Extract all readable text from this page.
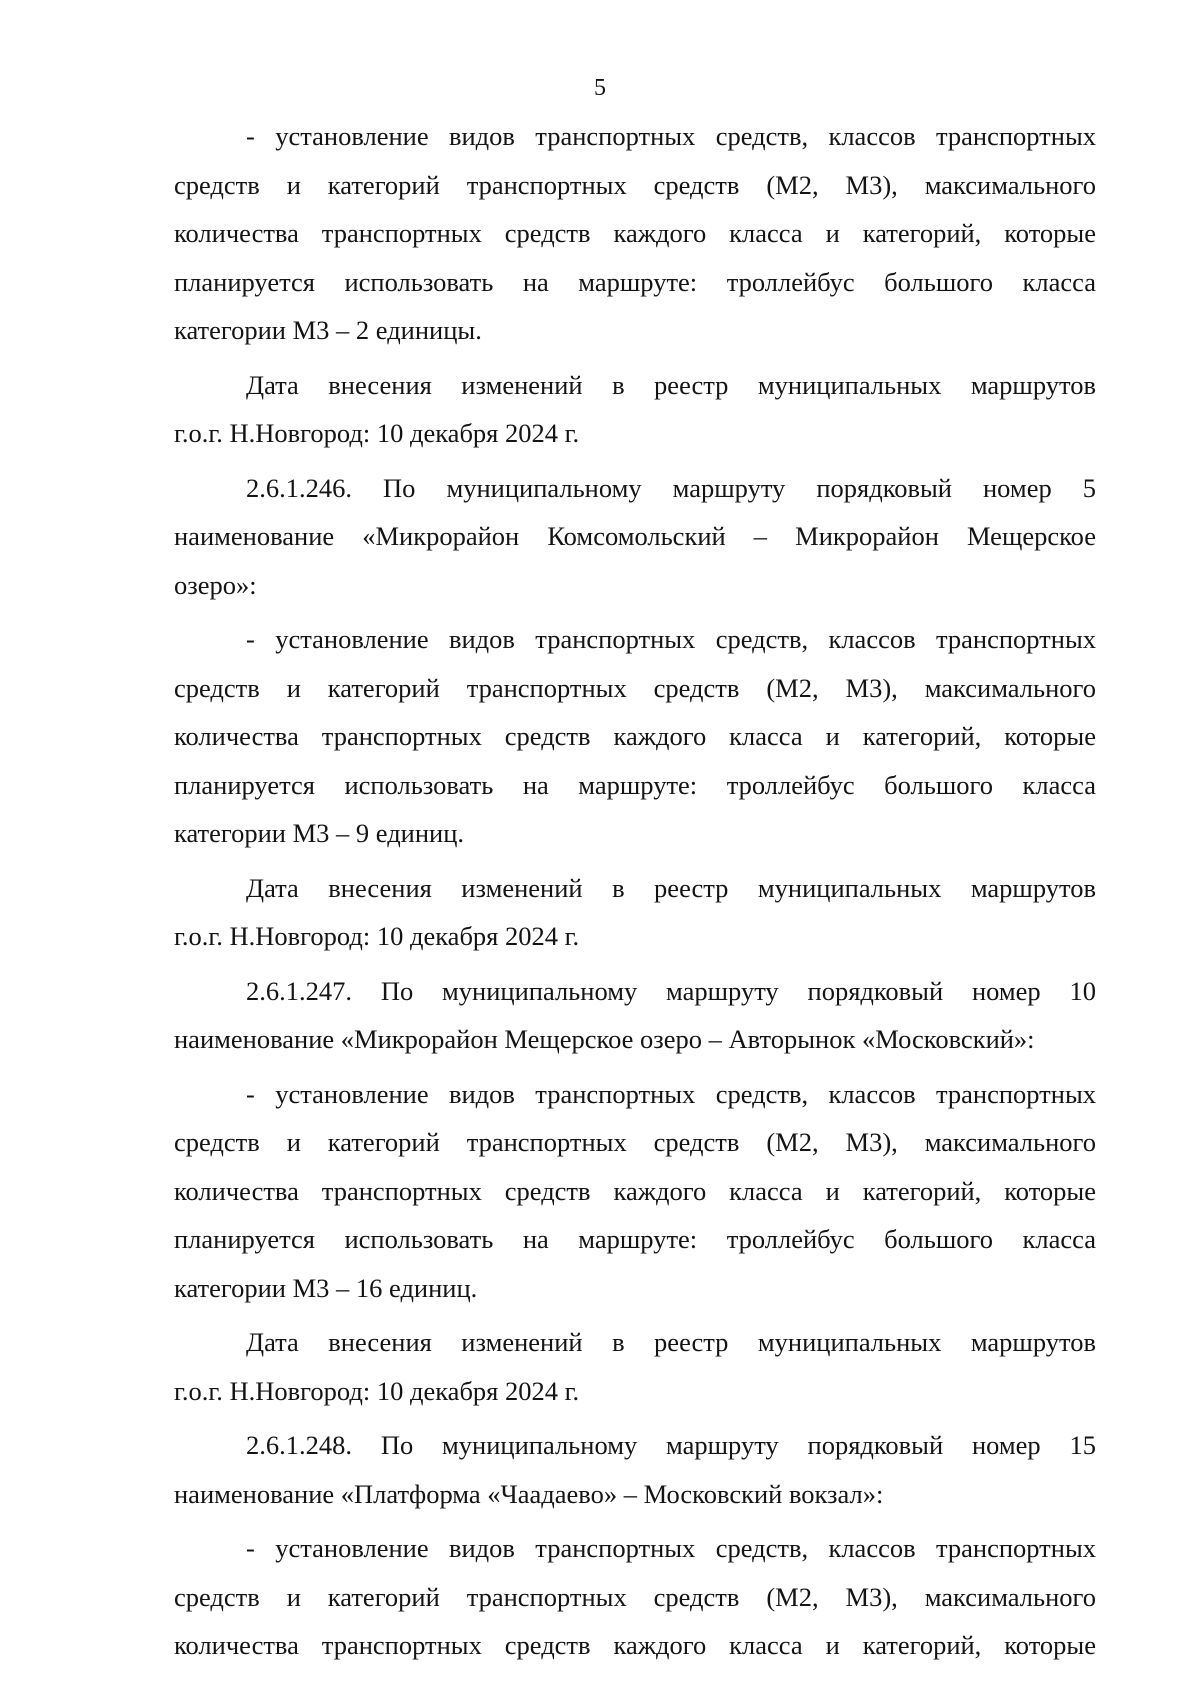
5
- установление видов транспортных средств, классов транспортных
средств и категорий транспортных средств (М2, М3), максимального
количества транспортных средств каждого класса и категорий, которые
планируется использовать на маршруте: троллейбус большого класса
категории М3 – 2 единицы.
Дата внесения изменений в реестр муниципальных маршрутов
г.о.г. Н.Новгород: 10 декабря 2024 г.
2.6.1.246. По муниципальному маршруту порядковый номер 5
наименование «Микрорайон Комсомольский – Микрорайон Мещерское
озеро»:
- установление видов транспортных средств, классов транспортных
средств и категорий транспортных средств (М2, М3), максимального
количества транспортных средств каждого класса и категорий, которые
планируется использовать на маршруте: троллейбус большого класса
категории М3 – 9 единиц.
Дата внесения изменений в реестр муниципальных маршрутов
г.о.г. Н.Новгород: 10 декабря 2024 г.
2.6.1.247. По муниципальному маршруту порядковый номер 10
наименование «Микрорайон Мещерское озеро – Авторынок «Московский»:
- установление видов транспортных средств, классов транспортных
средств и категорий транспортных средств (М2, М3), максимального
количества транспортных средств каждого класса и категорий, которые
планируется использовать на маршруте: троллейбус большого класса
категории М3 – 16 единиц.
Дата внесения изменений в реестр муниципальных маршрутов
г.о.г. Н.Новгород: 10 декабря 2024 г.
2.6.1.248. По муниципальному маршруту порядковый номер 15
наименование «Платформа «Чаадаево» – Московский вокзал»:
- установление видов транспортных средств, классов транспортных
средств и категорий транспортных средств (М2, М3), максимального
количества транспортных средств каждого класса и категорий, которые
